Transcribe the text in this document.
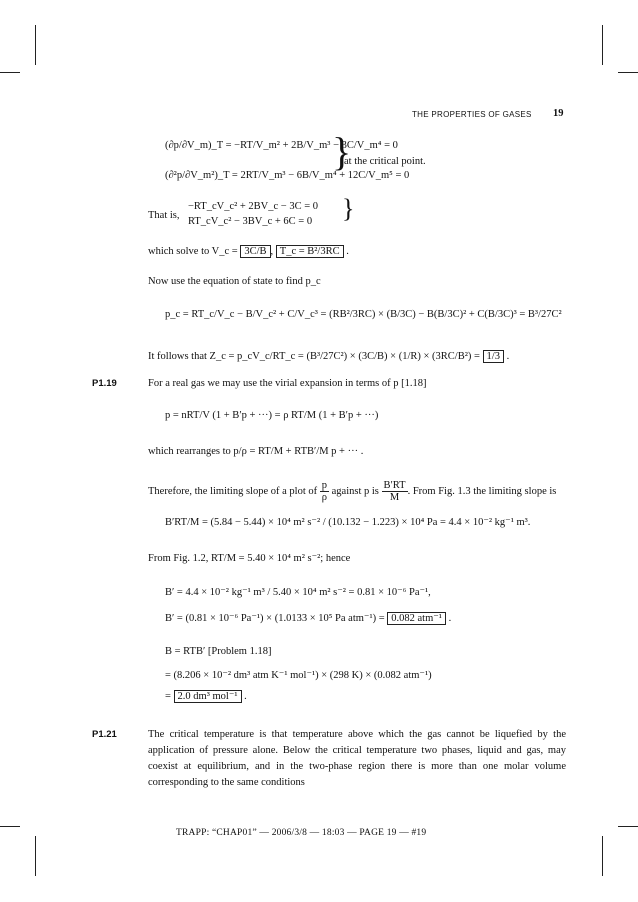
THE PROPERTIES OF GASES 19
(∂p/∂V_m)_T = −RT/V_m² + 2B/V_m³ − 3C/V_m⁴ = 0
(∂²p/∂V_m²)_T = 2RT/V_m³ − 6B/V_m⁴ + 12C/V_m⁵ = 0
}
at the critical point.
That is,
−RT_cV_c² + 2BV_c − 3C = 0
RT_cV_c² − 3BV_c + 6C = 0 }
which solve to V_c = 3C/B , T_c = B²/3RC .
Now use the equation of state to find p_c
p_c = RT_c/V_c − B/V_c² + C/V_c³ = (RB²/3RC) × (B/3C) − B(B/3C)² + C(B/3C)³ = B³/27C²
It follows that Z_c = p_cV_c/RT_c = (B³/27C²) × (3C/B) × (1/R) × (3RC/B²) = 1/3 .
P1.19	For a real gas we may use the virial expansion in terms of p [1.18]
p = nRT/V (1 + B′p + ···) = ρ RT/M (1 + B′p + ···)
which rearranges to p/ρ = RT/M + RTB′/M p + ··· .
Therefore, the limiting slope of a plot of $\frac{p}{\rho}$ against p is $\frac{B'RT}{M}$ . From Fig. 1.3 the limiting slope is
B′RT/M = (5.84 − 5.44) × 10⁴ m² s⁻² / (10.132 − 1.223) × 10⁴ Pa = 4.4 × 10⁻² kg⁻¹ m³.
From Fig. 1.2, RT/M = 5.40 × 10⁴ m² s⁻²; hence
B′ = 4.4 × 10⁻² kg⁻¹ m³ / 5.40 × 10⁴ m² s⁻² = 0.81 × 10⁻⁶ Pa⁻¹,
B′ = (0.81 × 10⁻⁶ Pa⁻¹) × (1.0133 × 10⁵ Pa atm⁻¹) = 0.082 atm⁻¹ .
B = RTB′ [Problem 1.18]
= (8.206 × 10⁻² dm³ atm K⁻¹ mol⁻¹) × (298 K) × (0.082 atm⁻¹)
= 2.0 dm³ mol⁻¹ .
P1.21	The critical temperature is that temperature above which the gas cannot be liquefied by the application of pressure alone. Below the critical temperature two phases, liquid and gas, may coexist at equilibrium, and in the two-phase region there is more than one molar volume corresponding to the same conditions
TRAPP: “CHAP01” — 2006/3/8 — 18:03 — PAGE 19 — #19
